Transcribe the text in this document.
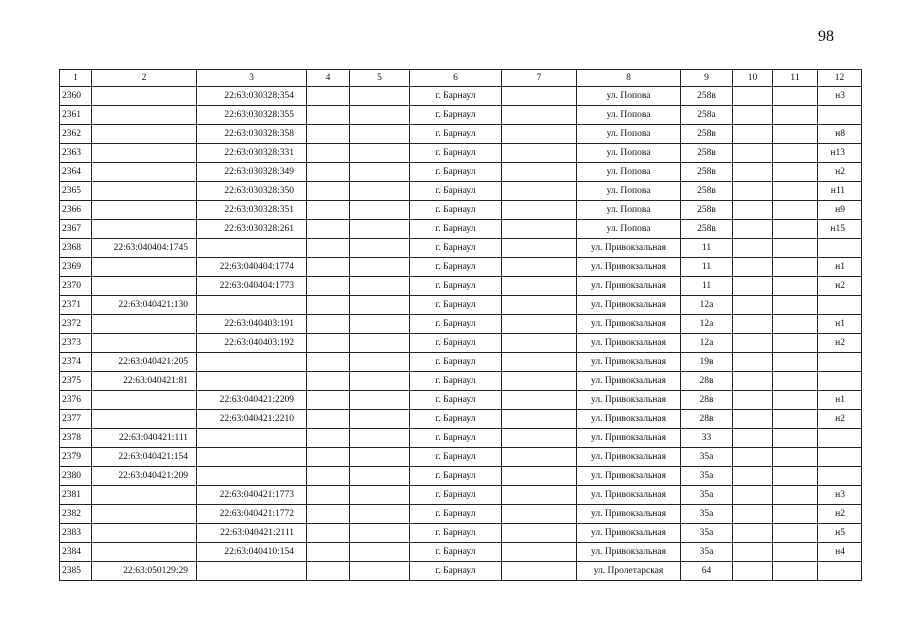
98
1	2	3	4	5	6	7	8	9	10	11	12
2360		22:63:030328:354			г. Барнаул		ул. Попова	258в			н3
2361		22:63:030328:355			г. Барнаул		ул. Попова	258а			
2362		22:63:030328:358			г. Барнаул		ул. Попова	258в			н8
2363		22:63:030328:331			г. Барнаул		ул. Попова	258в			н13
2364		22:63:030328:349			г. Барнаул		ул. Попова	258в			н2
2365		22:63:030328:350			г. Барнаул		ул. Попова	258в			н11
2366		22:63:030328:351			г. Барнаул		ул. Попова	258в			н9
2367		22:63:030328:261			г. Барнаул		ул. Попова	258в			н15
2368	22:63:040404:1745				г. Барнаул		ул. Привокзальная	11			
2369		22:63:040404:1774			г. Барнаул		ул. Привокзальная	11			н1
2370		22:63:040404:1773			г. Барнаул		ул. Привокзальная	11			н2
2371	22:63:040421:130				г. Барнаул		ул. Привокзальная	12а			
2372		22:63:040403:191			г. Барнаул		ул. Привокзальная	12а			н1
2373		22:63:040403:192			г. Барнаул		ул. Привокзальная	12а			н2
2374	22:63:040421:205				г. Барнаул		ул. Привокзальная	19в			
2375	22:63:040421:81				г. Барнаул		ул. Привокзальная	28в			
2376		22:63:040421:2209			г. Барнаул		ул. Привокзальная	28в			н1
2377		22:63:040421:2210			г. Барнаул		ул. Привокзальная	28в			н2
2378	22:63:040421:111				г. Барнаул		ул. Привокзальная	33			
2379	22:63:040421:154				г. Барнаул		ул. Привокзальная	35а			
2380	22:63:040421:209				г. Барнаул		ул. Привокзальная	35а			
2381		22:63:040421:1773			г. Барнаул		ул. Привокзальная	35а			н3
2382		22:63:040421:1772			г. Барнаул		ул. Привокзальная	35а			н2
2383		22:63:040421:2111			г. Барнаул		ул. Привокзальная	35а			н5
2384		22:63:040410:154			г. Барнаул		ул. Привокзальная	35а			н4
2385	22:63:050129:29				г. Барнаул		ул. Пролетарская	64			
